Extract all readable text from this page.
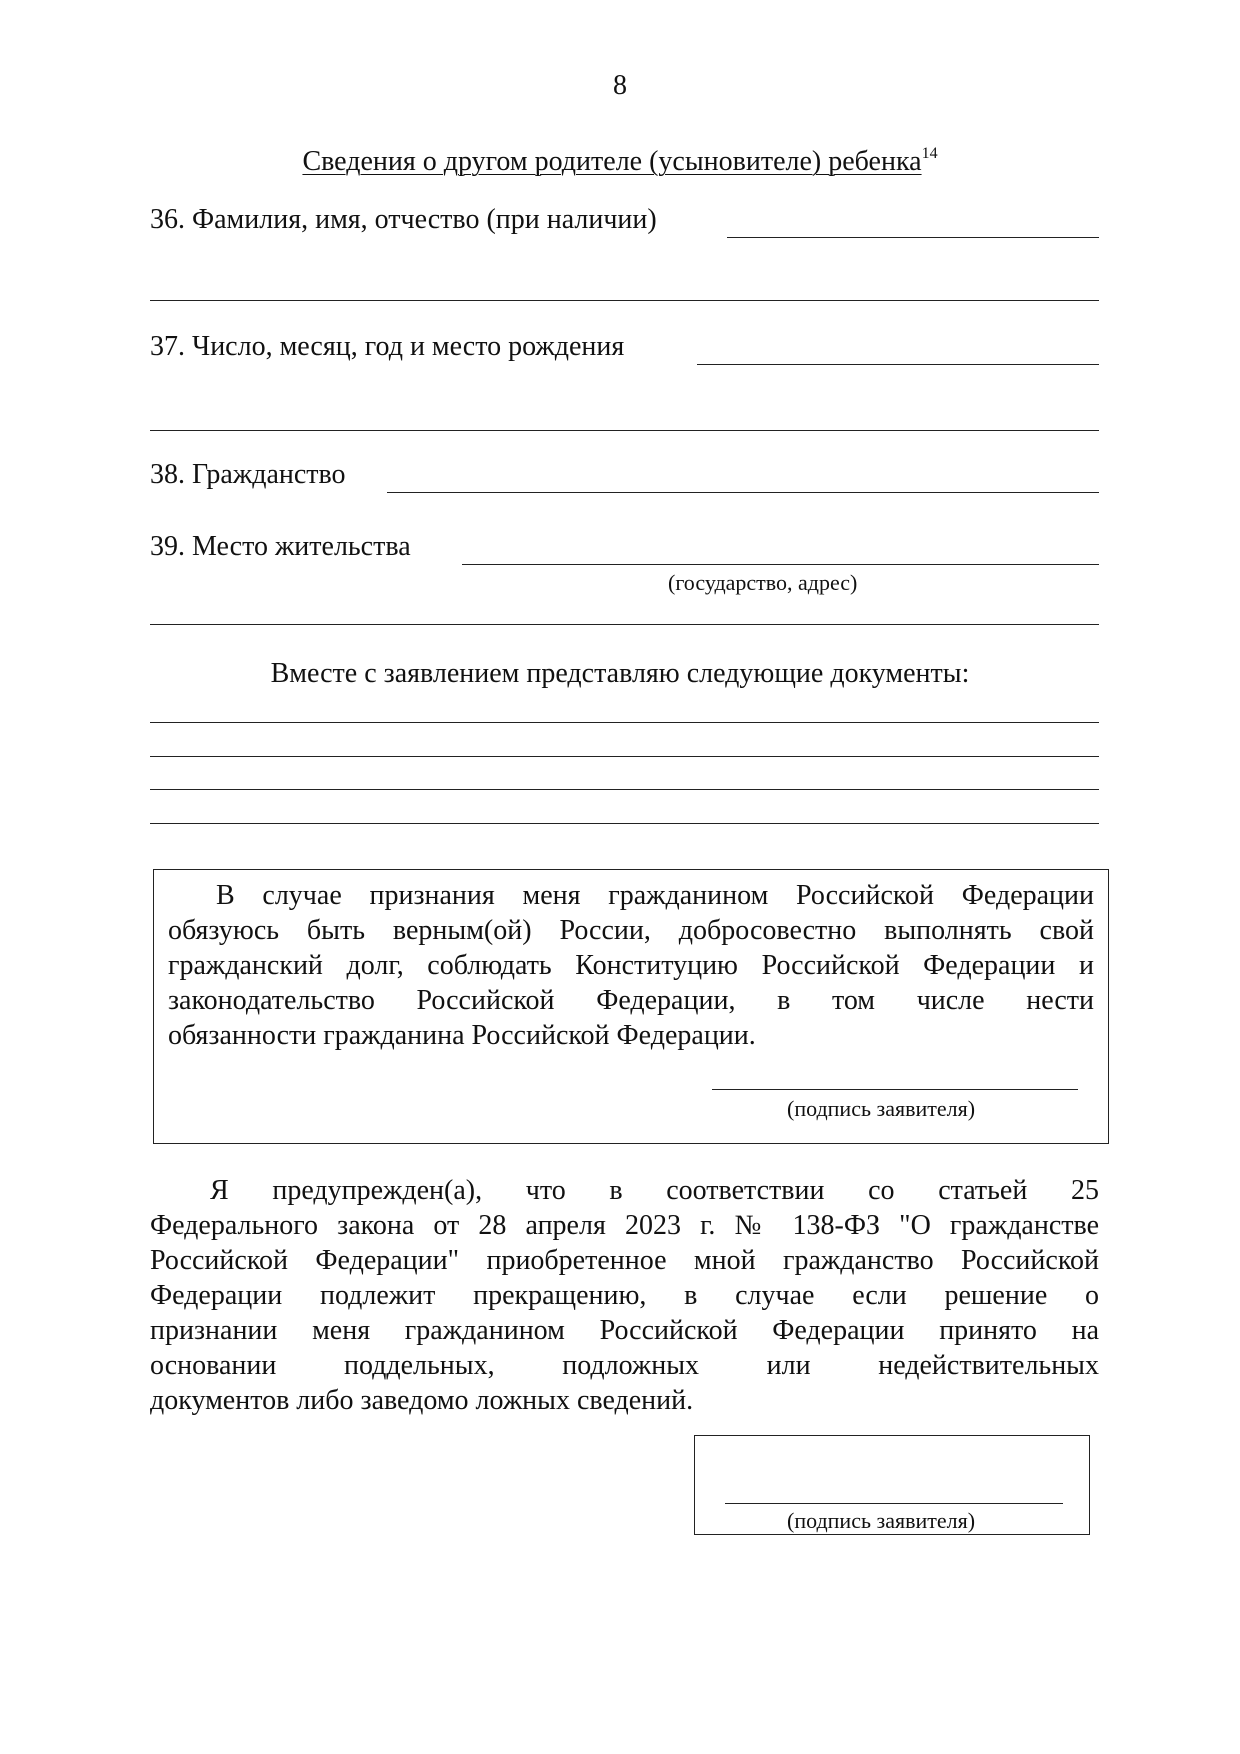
8
Сведения о другом родителе (усыновителе) ребенка$^{14}$
36. Фамилия, имя, отчество (при наличии)
37. Число, месяц, год и место рождения
38. Гражданство
39. Место жительства
(государство, адрес)
Вместе с заявлением представляю следующие документы:
В случае признания меня гражданином Российской Федерации
обязуюсь быть верным(ой) России, добросовестно выполнять свой
гражданский долг, соблюдать Конституцию Российской Федерации и
законодательство Российской Федерации, в том числе нести
обязанности гражданина Российской Федерации.
(подпись заявителя)
Я предупрежден(а), что в соответствии со статьей 25
Федерального закона от 28 апреля 2023 г. № 138-ФЗ "О гражданстве
Российской Федерации" приобретенное мной гражданство Российской
Федерации подлежит прекращению, в случае если решение о
признании меня гражданином Российской Федерации принято на
основании поддельных, подложных или недействительных
документов либо заведомо ложных сведений.
(подпись заявителя)
